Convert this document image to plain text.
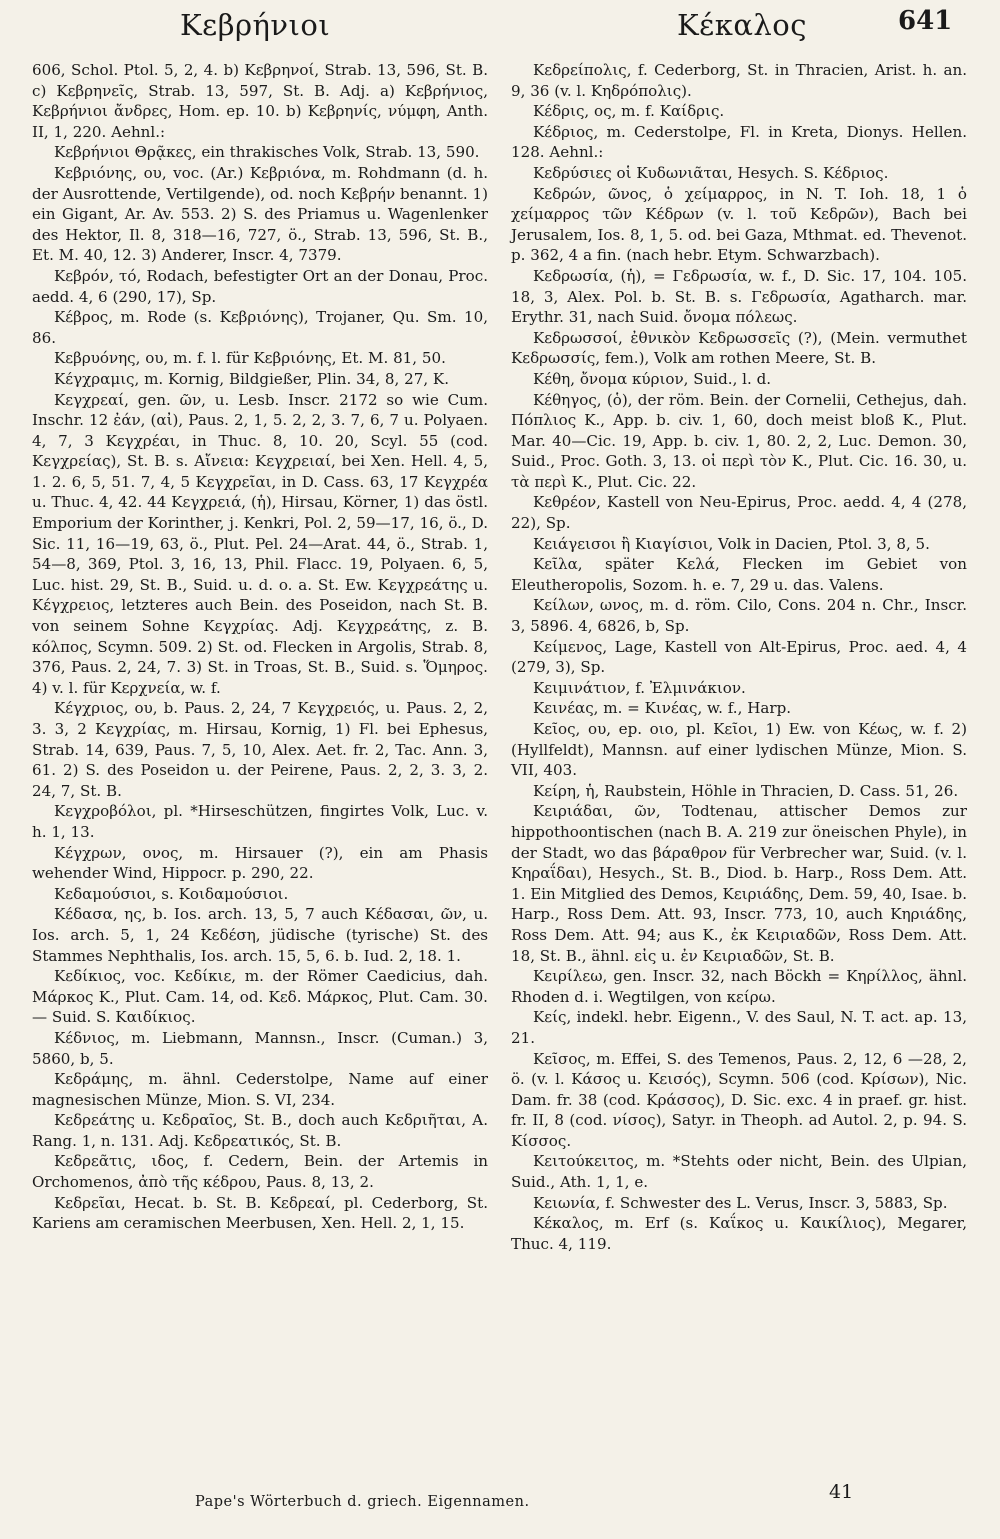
Κεβρήνιοι	Κέκαλος	641

606, Schol. Ptol. 5, 2, 4. b) Κεβρηνοί, Strab. 13, 596, St. B. c) Κεβρηνεῖς, Strab. 13, 597, St. B. Adj. a) Κεβρήνιος, Κεβρήνιοι ἄνδρες, Hom. ep. 10. b) Κεβρηνίς, νύμφη, Anth. II, 1, 220. Aehnl.:

Κεβρήνιοι Θρᾷκες, ein thrakisches Volk, Strab. 13, 590.

Κεβριόνης, ου, voc. (Ar.) Κεβριόνα, m. Rohdmann (d. h. der Ausrottende, Vertilgende), od. noch Κεβρήν benannt. 1) ein Gigant, Ar. Av. 553. 2) S. des Priamus u. Wagenlenker des Hektor, Il. 8, 318—16, 727, ö., Strab. 13, 596, St. B., Et. M. 40, 12. 3) Anderer, Inscr. 4, 7379.

Κεβρόν, τό, Rodach, befestigter Ort an der Donau, Proc. aedd. 4, 6 (290, 17), Sp.

Κέβρος, m. Rode (s. Κεβριόνης), Trojaner, Qu. Sm. 10, 86.

Κεβρυόνης, ου, m. f. l. für Κεβριόνης, Et. M. 81, 50.

Κέγχραμις, m. Kornig, Bildgießer, Plin. 34, 8, 27, K.

Κεγχρεαί, gen. ῶν, u. Lesb. Inscr. 2172 so wie Cum. Inschr. 12 ἐάν, (αἰ), Paus. 2, 1, 5. 2, 2, 3. 7, 6, 7 u. Polyaen. 4, 7, 3 Κεγχρέαι, in Thuc. 8, 10. 20, Scyl. 55 (cod. Κεγχρείας), St. B. s. Αἴνεια: Κεγχρειαί, bei Xen. Hell. 4, 5, 1. 2. 6, 5, 51. 7, 4, 5 Κεγχρεῖαι, in D. Cass. 63, 17 Κεγχρέα u. Thuc. 4, 42. 44 Κεγχρειά, (ἡ), Hirsau, Körner, 1) das östl. Emporium der Korinther, j. Kenkri, Pol. 2, 59—17, 16, ö., D. Sic. 11, 16—19, 63, ö., Plut. Pel. 24—Arat. 44, ö., Strab. 1, 54—8, 369, Ptol. 3, 16, 13, Phil. Flacc. 19, Polyaen. 6, 5, Luc. hist. 29, St. B., Suid. u. d. o. a. St. Ew. Κεγχρεάτης u. Κέγχρειος, letzteres auch Bein. des Poseidon, nach St. B. von seinem Sohne Κεγχρίας. Adj. Κεγχρεάτης, z. B. κόλπος, Scymn. 509. 2) St. od. Flecken in Argolis, Strab. 8, 376, Paus. 2, 24, 7. 3) St. in Troas, St. B., Suid. s. Ὅμηρος. 4) v. l. für Κερχνεία, w. f.

Κέγχριος, ου, b. Paus. 2, 24, 7 Κεγχρειός, u. Paus. 2, 2, 3. 3, 2 Κεγχρίας, m. Hirsau, Kornig, 1) Fl. bei Ephesus, Strab. 14, 639, Paus. 7, 5, 10, Alex. Aet. fr. 2, Tac. Ann. 3, 61. 2) S. des Poseidon u. der Peirene, Paus. 2, 2, 3. 3, 2. 24, 7, St. B.

Κεγχροβόλοι, pl. *Hirseschützen, fingirtes Volk, Luc. v. h. 1, 13.

Κέγχρων, ονος, m. Hirsauer (?), ein am Phasis wehender Wind, Hippocr. p. 290, 22.

Κεδαμούσιοι, s. Κοιδαμούσιοι.

Κέδασα, ης, b. Ios. arch. 13, 5, 7 auch Κέδασαι, ῶν, u. Ios. arch. 5, 1, 24 Κεδέση, jüdische (tyrische) St. des Stammes Nephthalis, Ios. arch. 15, 5, 6. b. Iud. 2, 18. 1.

Κεδίκιος, voc. Κεδίκιε, m. der Römer Caedicius, dah. Μάρκος Κ., Plut. Cam. 14, od. Κεδ. Μάρκος, Plut. Cam. 30. — Suid. S. Καιδίκιος.

Κέδνιος, m. Liebmann, Mannsn., Inscr. (Cuman.) 3, 5860, b, 5.

Κεδράμης, m. ähnl. Cederstolpe, Name auf einer magnesischen Münze, Mion. S. VI, 234.

Κεδρεάτης u. Κεδραῖος, St. B., doch auch Κεδριῆται, A. Rang. 1, n. 131. Adj. Κεδρεατικός, St. B.

Κεδρεᾶτις, ιδος, f. Cedern, Bein. der Artemis in Orchomenos, ἀπὸ τῆς κέδρου, Paus. 8, 13, 2.

Κεδρεῖαι, Hecat. b. St. B. Κεδρεαί, pl. Cederborg, St. Kariens am ceramischen Meerbusen, Xen. Hell. 2, 1, 15.

Κεδρείπολις, f. Cederborg, St. in Thracien, Arist. h. an. 9, 36 (v. l. Κηδρόπολις).

Κέδρις, ος, m. f. Καίδρις.

Κέδριος, m. Cederstolpe, Fl. in Kreta, Dionys. Hellen. 128. Aehnl.:

Κεδρύσιες οἱ Κυδωνιᾶται, Hesych. S. Κέδριος.

Κεδρών, ῶνος, ὁ χείμαρρος, in N. T. Ioh. 18, 1 ὁ χείμαρρος τῶν Κέδρων (v. l. τοῦ Κεδρῶν), Bach bei Jerusalem, Ios. 8, 1, 5. od. bei Gaza, Mthmat. ed. Thevenot. p. 362, 4 a fin. (nach hebr. Etym. Schwarzbach).

Κεδρωσία, (ἡ), = Γεδρωσία, w. f., D. Sic. 17, 104. 105. 18, 3, Alex. Pol. b. St. B. s. Γεδρωσία, Agatharch. mar. Erythr. 31, nach Suid. ὄνομα πόλεως.

Κεδρωσσοί, ἐθνικὸν Κεδρωσσεῖς (?), (Mein. vermuthet Κεδρωσσίς, fem.), Volk am rothen Meere, St. B.

Κέθη, ὄνομα κύριον, Suid., l. d.

Κέθηγος, (ὁ), der röm. Bein. der Cornelii, Cethejus, dah. Πόπλιος Κ., App. b. civ. 1, 60, doch meist bloß Κ., Plut. Mar. 40—Cic. 19, App. b. civ. 1, 80. 2, 2, Luc. Demon. 30, Suid., Proc. Goth. 3, 13. οἱ περὶ τὸν Κ., Plut. Cic. 16. 30, u. τὰ περὶ Κ., Plut. Cic. 22.

Κεθρέον, Kastell von Neu-Epirus, Proc. aedd. 4, 4 (278, 22), Sp.

Κειάγεισοι ἢ Κιαγίσιοι, Volk in Dacien, Ptol. 3, 8, 5.

Κεῖλα, später Κελά, Flecken im Gebiet von Eleutheropolis, Sozom. h. e. 7, 29 u. das. Valens.

Κείλων, ωνος, m. d. röm. Cilo, Cons. 204 n. Chr., Inscr. 3, 5896. 4, 6826, b, Sp.

Κείμενος, Lage, Kastell von Alt-Epirus, Proc. aed. 4, 4 (279, 3), Sp.

Κειμινάτιον, f. Ἐλμινάκιον.

Κεινέας, m. = Κινέας, w. f., Harp.

Κεῖος, ου, ep. οιο, pl. Κεῖοι, 1) Ew. von Κέως, w. f. 2) (Hyllfeldt), Mannsn. auf einer lydischen Münze, Mion. S. VII, 403.

Κείρη, ἡ, Raubstein, Höhle in Thracien, D. Cass. 51, 26.

Κειριάδαι, ῶν, Todtenau, attischer Demos zur hippothoontischen (nach B. A. 219 zur öneischen Phyle), in der Stadt, wo das βάραθρον für Verbrecher war, Suid. (v. l. Κηραΐδαι), Hesych., St. B., Diod. b. Harp., Ross Dem. Att. 1. Ein Mitglied des Demos, Κειριάδης, Dem. 59, 40, Isae. b. Harp., Ross Dem. Att. 93, Inscr. 773, 10, auch Κηριάδης, Ross Dem. Att. 94; aus K., ἐκ Κειριαδῶν, Ross Dem. Att. 18, St. B., ähnl. εἰς u. ἐν Κειριαδῶν, St. B.

Κειρίλεω, gen. Inscr. 32, nach Böckh = Κηρίλλος, ähnl. Rhoden d. i. Wegtilgen, von κείρω.

Κείς, indekl. hebr. Eigenn., V. des Saul, N. T. act. ap. 13, 21.

Κεῖσος, m. Effei, S. des Temenos, Paus. 2, 12, 6 —28, 2, ö. (v. l. Κάσος u. Κεισός), Scymn. 506 (cod. Κρίσων), Nic. Dam. fr. 38 (cod. Κράσσος), D. Sic. exc. 4 in praef. gr. hist. fr. II, 8 (cod. νίσος), Satyr. in Theoph. ad Autol. 2, p. 94. S. Κίσσος.

Κειτούκειτος, m. *Stehts oder nicht, Bein. des Ulpian, Suid., Ath. 1, 1, e.

Κειωνία, f. Schwester des L. Verus, Inscr. 3, 5883, Sp.

Κέκαλος, m. Erf (s. Καΐκος u. Καικίλιος), Megarer, Thuc. 4, 119.

Pape's Wörterbuch d. griech. Eigennamen.	41
